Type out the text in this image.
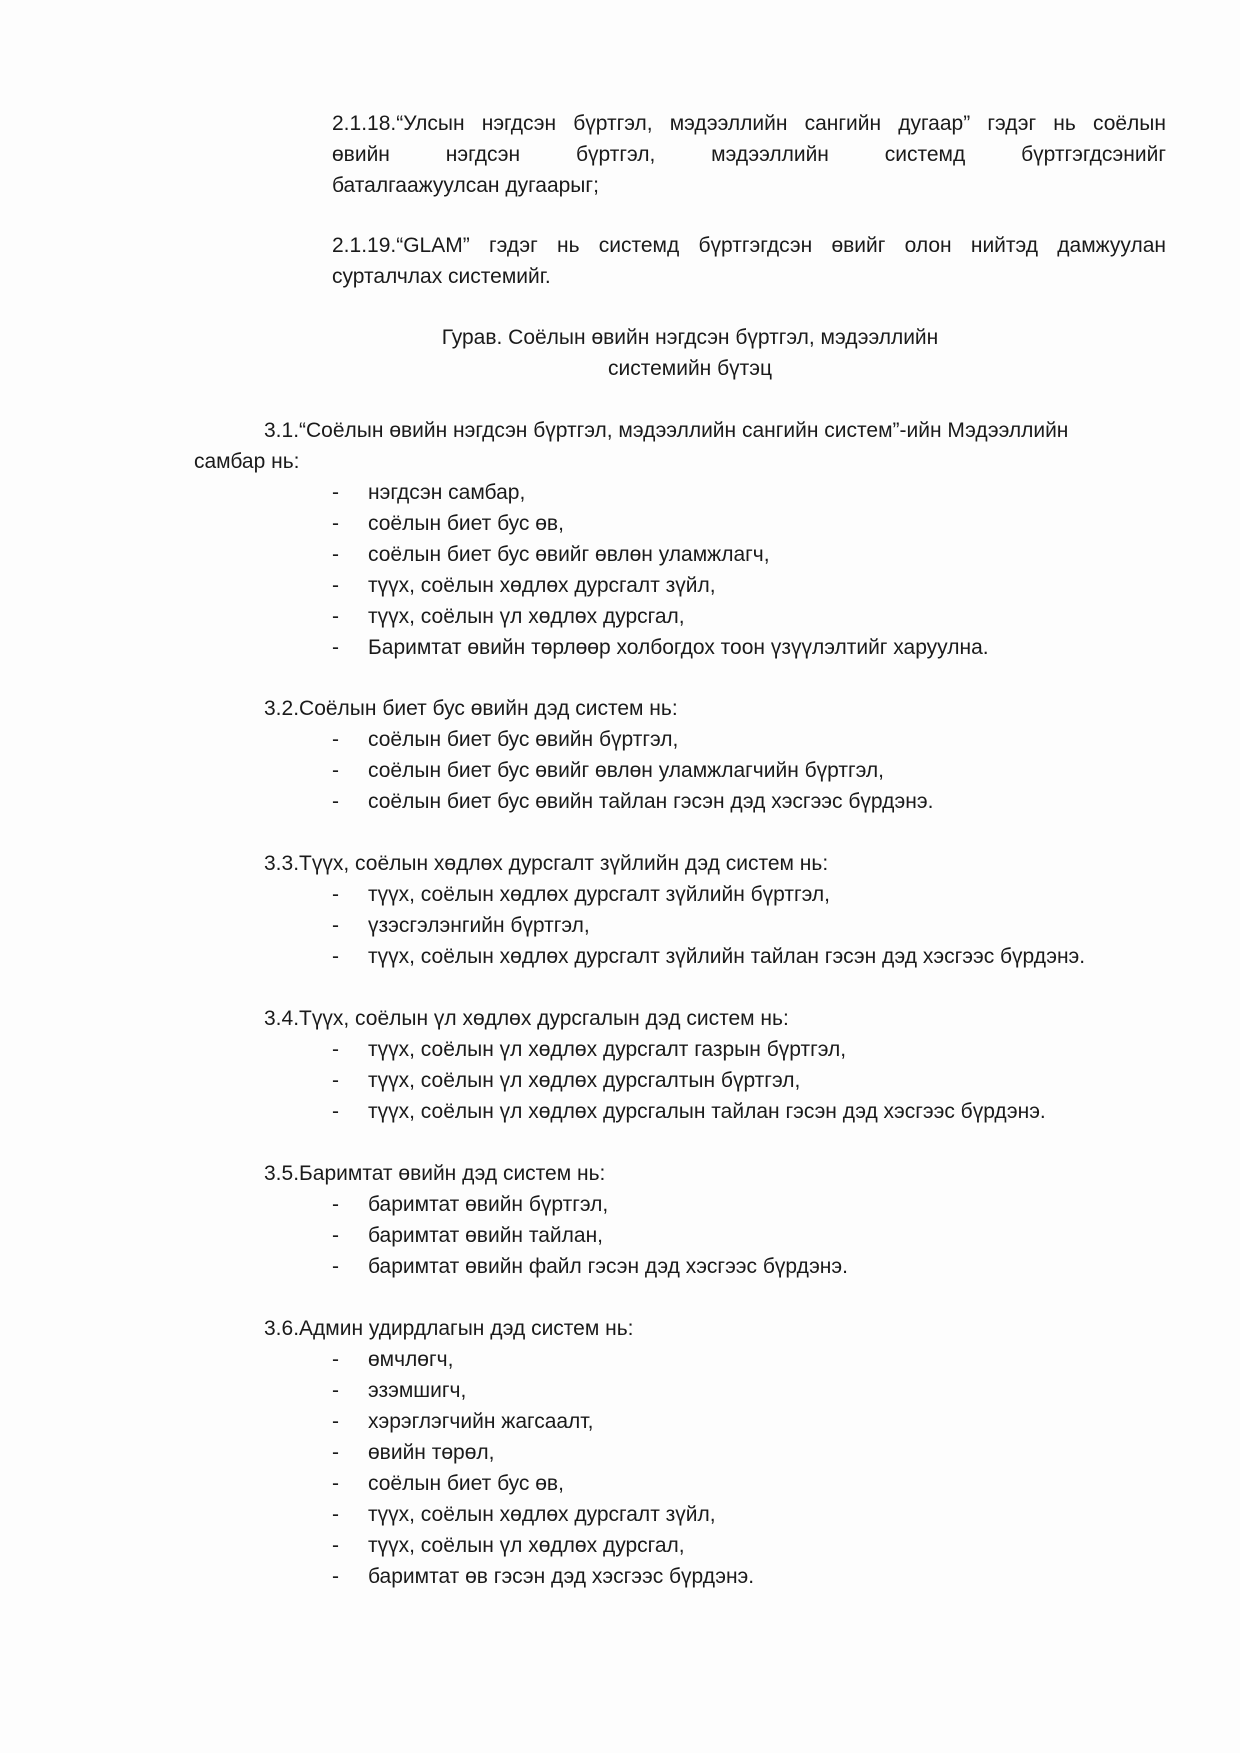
2.1.18.“Улсын нэгдсэн бүртгэл, мэдээллийн сангийн дугаар” гэдэг нь соёлын
өвийн нэгдсэн бүртгэл, мэдээллийн системд бүртгэгдсэнийг
баталгаажуулсан дугаарыг;
2.1.19.“GLAM” гэдэг нь системд бүртгэгдсэн өвийг олон нийтэд дамжуулан
сурталчлах системийг.
Гурав. Соёлын өвийн нэгдсэн бүртгэл, мэдээллийн
системийн бүтэц
3.1.“Соёлын өвийн нэгдсэн бүртгэл, мэдээллийн сангийн систем”-ийн Мэдээллийн
самбар нь:
- нэгдсэн самбар,
- соёлын биет бус өв,
- соёлын биет бус өвийг өвлөн уламжлагч,
- түүх, соёлын хөдлөх дурсгалт зүйл,
- түүх, соёлын үл хөдлөх дурсгал,
- Баримтат өвийн төрлөөр холбогдох тоон үзүүлэлтийг харуулна.
3.2.Соёлын биет бус өвийн дэд систем нь:
- соёлын биет бус өвийн бүртгэл,
- соёлын биет бус өвийг өвлөн уламжлагчийн бүртгэл,
- соёлын биет бус өвийн тайлан гэсэн дэд хэсгээс бүрдэнэ.
3.3.Түүх, соёлын хөдлөх дурсгалт зүйлийн дэд систем нь:
- түүх, соёлын хөдлөх дурсгалт зүйлийн бүртгэл,
- үзэсгэлэнгийн бүртгэл,
- түүх, соёлын хөдлөх дурсгалт зүйлийн тайлан гэсэн дэд хэсгээс бүрдэнэ.
3.4.Түүх, соёлын үл хөдлөх дурсгалын дэд систем нь:
- түүх, соёлын үл хөдлөх дурсгалт газрын бүртгэл,
- түүх, соёлын үл хөдлөх дурсгалтын бүртгэл,
- түүх, соёлын үл хөдлөх дурсгалын тайлан гэсэн дэд хэсгээс бүрдэнэ.
3.5.Баримтат өвийн дэд систем нь:
- баримтат өвийн бүртгэл,
- баримтат өвийн тайлан,
- баримтат өвийн файл гэсэн дэд хэсгээс бүрдэнэ.
3.6.Админ удирдлагын дэд систем нь:
- өмчлөгч,
- эзэмшигч,
- хэрэглэгчийн жагсаалт,
- өвийн төрөл,
- соёлын биет бус өв,
- түүх, соёлын хөдлөх дурсгалт зүйл,
- түүх, соёлын үл хөдлөх дурсгал,
- баримтат өв гэсэн дэд хэсгээс бүрдэнэ.
